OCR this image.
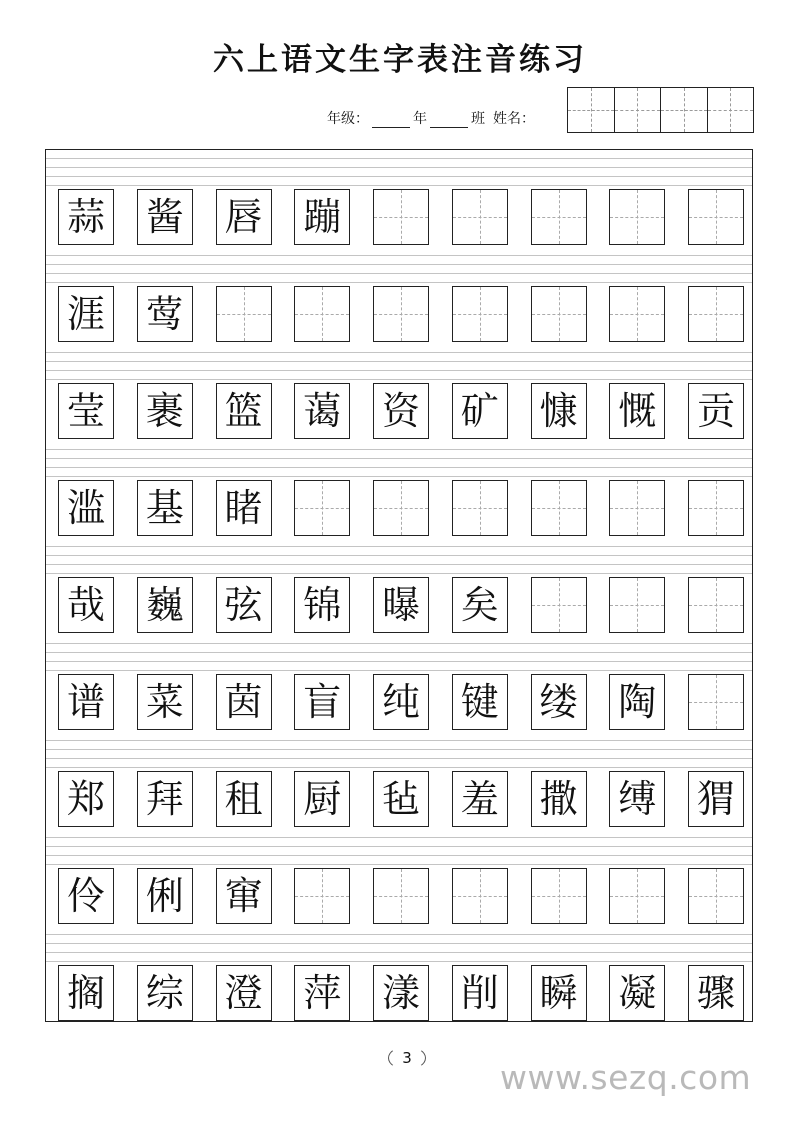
六上语文生字表注音练习
年级：	年	班 姓名：
蒜 酱 唇 蹦
涯 莺
莹 裹 篮 蔼 资 矿 慷 慨 贡
滥 基 睹
哉 巍 弦 锦 曝 矣
谱 菜 茵 盲 纯 键 缕 陶
郑 拜 租 厨 毡 羞 撒 缚 猬
伶 俐 窜
搁 综 澄 萍 漾 削 瞬 凝 骤
3	www.sezq.com
